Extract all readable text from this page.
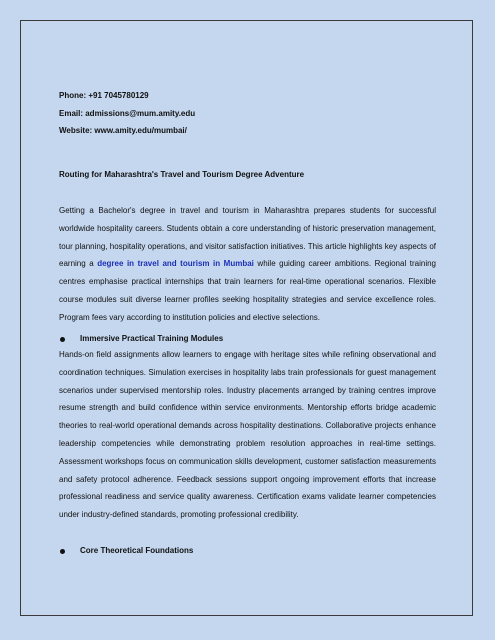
Phone: +91 7045780129
Email: admissions@mum.amity.edu
Website: www.amity.edu/mumbai/
Routing for Maharashtra's Travel and Tourism Degree Adventure
Getting a Bachelor's degree in travel and tourism in Maharashtra prepares students for successful worldwide hospitality careers. Students obtain a core understanding of historic preservation management, tour planning, hospitality operations, and visitor satisfaction initiatives. This article highlights key aspects of earning a degree in travel and tourism in Mumbai while guiding career ambitions. Regional training centres emphasise practical internships that train learners for real-time operational scenarios. Flexible course modules suit diverse learner profiles seeking hospitality strategies and service excellence roles. Program fees vary according to institution policies and elective selections.
Immersive Practical Training Modules
Hands-on field assignments allow learners to engage with heritage sites while refining observational and coordination techniques. Simulation exercises in hospitality labs train professionals for guest management scenarios under supervised mentorship roles. Industry placements arranged by training centres improve resume strength and build confidence within service environments. Mentorship efforts bridge academic theories to real-world operational demands across hospitality destinations. Collaborative projects enhance leadership competencies while demonstrating problem resolution approaches in real-time settings. Assessment workshops focus on communication skills development, customer satisfaction measurements and safety protocol adherence. Feedback sessions support ongoing improvement efforts that increase professional readiness and service quality awareness. Certification exams validate learner competencies under industry-defined standards, promoting professional credibility.
Core Theoretical Foundations
